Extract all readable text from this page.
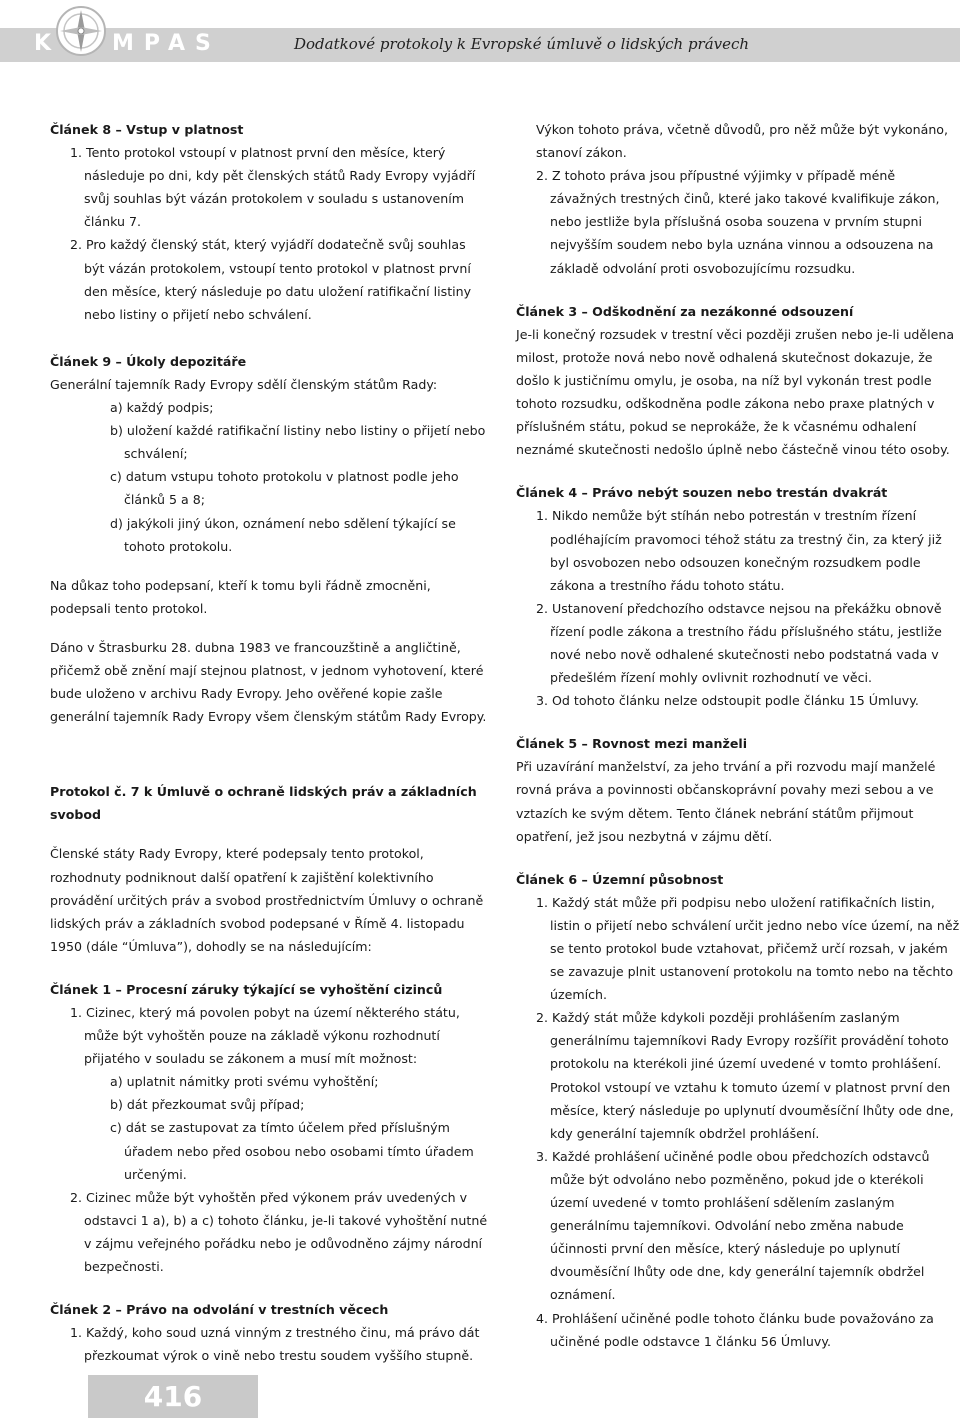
K MPAS	Dodatkové protokoly k Evropské úmluvě o lidských právech

Článek 8 – Vstup v platnost

1. Tento protokol vstoupí v platnost první den měsíce, který následuje po dni, kdy pět členských států Rady Evropy vyjádří svůj souhlas být vázán protokolem v souladu s ustanovením článku 7.

2. Pro každý členský stát, který vyjádří dodatečně svůj souhlas být vázán protokolem, vstoupí tento protokol v platnost první den měsíce, který následuje po datu uložení ratifikační listiny nebo listiny o přijetí nebo schválení.

Článek 9 – Úkoly depozitáře

Generální tajemník Rady Evropy sdělí členským státům Rady:

a) každý podpis;

b) uložení každé ratifikační listiny nebo listiny o přijetí nebo schválení;

c) datum vstupu tohoto protokolu v platnost podle jeho článků 5 a 8;

d) jakýkoli jiný úkon, oznámení nebo sdělení týkající se tohoto protokolu.

Na důkaz toho podepsaní, kteří k tomu byli řádně zmocněni, podepsali tento protokol.

Dáno v Štrasburku 28. dubna 1983 ve francouzštině a angličtině, přičemž obě znění mají stejnou platnost, v jednom vyhotovení, které bude uloženo v archivu Rady Evropy. Jeho ověřené kopie zašle generální tajemník Rady Evropy všem členským státům Rady Evropy.

Protokol č. 7 k Úmluvě o ochraně lidských práv a základních svobod

Členské státy Rady Evropy, které podepsaly tento protokol, rozhodnuty podniknout další opatření k zajištění kolektivního provádění určitých práv a svobod prostřednictvím Úmluvy o ochraně lidských práv a základních svobod podepsané v Římě 4. listopadu 1950 (dále “Úmluva”), dohodly se na následujícím:

Článek 1 – Procesní záruky týkající se vyhoštění cizinců

1. Cizinec, který má povolen pobyt na území některého státu, může být vyhoštěn pouze na základě výkonu rozhodnutí přijatého v souladu se zákonem a musí mít možnost:

a) uplatnit námitky proti svému vyhoštění;

b) dát přezkoumat svůj případ;

c) dát se zastupovat za tímto účelem před příslušným úřadem nebo před osobou nebo osobami tímto úřadem určenými.

2. Cizinec může být vyhoštěn před výkonem práv uvedených v odstavci 1 a), b) a c) tohoto článku, je-li takové vyhoštění nutné v zájmu veřejného pořádku nebo je odůvodněno zájmy národní bezpečnosti.

Článek 2 – Právo na odvolání v trestních věcech

1. Každý, koho soud uzná vinným z trestného činu, má právo dát přezkoumat výrok o vině nebo trestu soudem vyššího stupně.

Výkon tohoto práva, včetně důvodů, pro něž může být vykonáno, stanoví zákon.

2. Z tohoto práva jsou přípustné výjimky v případě méně závažných trestných činů, které jako takové kvalifikuje zákon, nebo jestliže byla příslušná osoba souzena v prvním stupni nejvyšším soudem nebo byla uznána vinnou a odsouzena na základě odvolání proti osvobozujícímu rozsudku.

Článek 3 – Odškodnění za nezákonné odsouzení

Je-li konečný rozsudek v trestní věci později zrušen nebo je-li udělena milost, protože nová nebo nově odhalená skutečnost dokazuje, že došlo k justičnímu omylu, je osoba, na níž byl vykonán trest podle tohoto rozsudku, odškodněna podle zákona nebo praxe platných v příslušném státu, pokud se neprokáže, že k včasnému odhalení neznámé skutečnosti nedošlo úplně nebo částečně vinou této osoby.

Článek 4 – Právo nebýt souzen nebo trestán dvakrát

1. Nikdo nemůže být stíhán nebo potrestán v trestním řízení podléhajícím pravomoci téhož státu za trestný čin, za který již byl osvobozen nebo odsouzen konečným rozsudkem podle zákona a trestního řádu tohoto státu.

2. Ustanovení předchozího odstavce nejsou na překážku obnově řízení podle zákona a trestního řádu příslušného státu, jestliže nové nebo nově odhalené skutečnosti nebo podstatná vada v předešlém řízení mohly ovlivnit rozhodnutí ve věci.

3. Od tohoto článku nelze odstoupit podle článku 15 Úmluvy.

Článek 5 – Rovnost mezi manželi

Při uzavírání manželství, za jeho trvání a při rozvodu mají manželé rovná práva a povinnosti občanskoprávní povahy mezi sebou a ve vztazích ke svým dětem. Tento článek nebrání státům přijmout opatření, jež jsou nezbytná v zájmu dětí.

Článek 6 – Územní působnost

1. Každý stát může při podpisu nebo uložení ratifikačních listin, listin o přijetí nebo schválení určit jedno nebo více území, na něž se tento protokol bude vztahovat, přičemž určí rozsah, v jakém se zavazuje plnit ustanovení protokolu na tomto nebo na těchto územích.

2. Každý stát může kdykoli později prohlášením zaslaným generálnímu tajemníkovi Rady Evropy rozšířit provádění tohoto protokolu na kterékoli jiné území uvedené v tomto prohlášení. Protokol vstoupí ve vztahu k tomuto území v platnost první den měsíce, který následuje po uplynutí dvouměsíční lhůty ode dne, kdy generální tajemník obdržel prohlášení.

3. Každé prohlášení učiněné podle obou předchozích odstavců může být odvoláno nebo pozměněno, pokud jde o kterékoli území uvedené v tomto prohlášení sdělením zaslaným generálnímu tajemníkovi. Odvolání nebo změna nabude účinnosti první den měsíce, který následuje po uplynutí dvouměsíční lhůty ode dne, kdy generální tajemník obdržel oznámení.

4. Prohlášení učiněné podle tohoto článku bude považováno za učiněné podle odstavce 1 článku 56 Úmluvy.

416
